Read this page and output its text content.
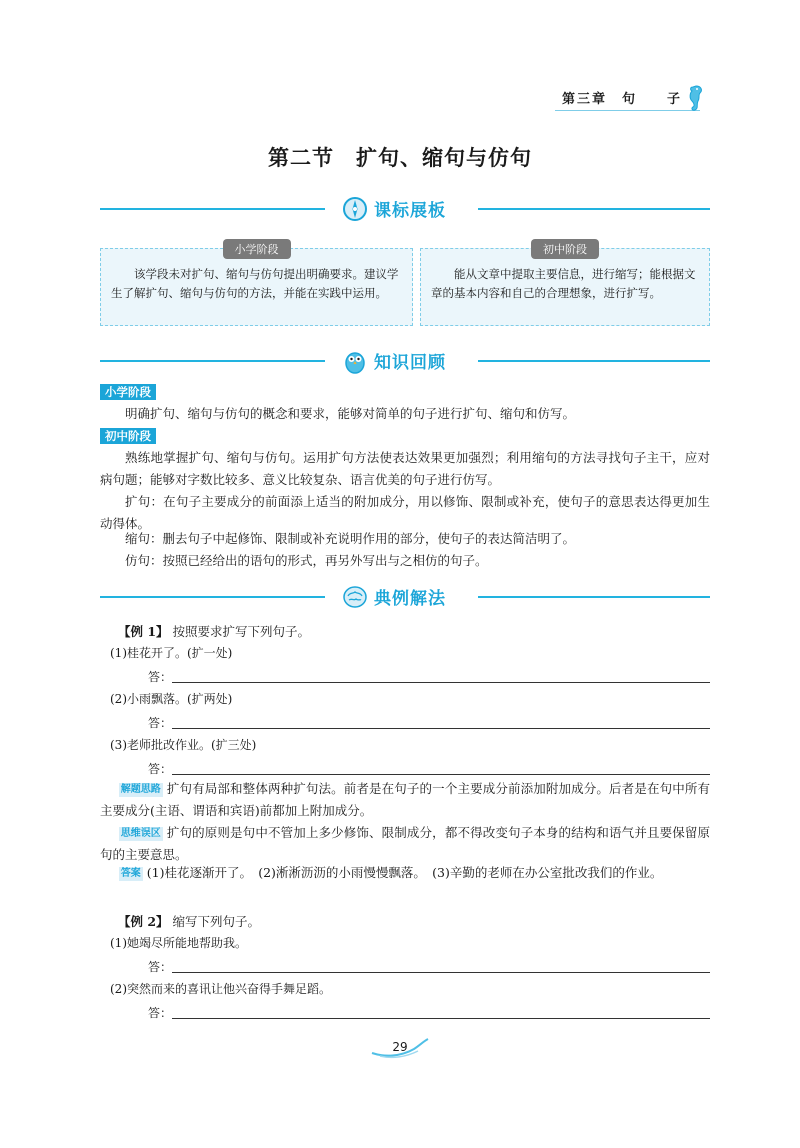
第三章　句　　子
第二节　扩句、缩句与仿句
课标展板
小学阶段
该学段未对扩句、缩句与仿句提出明确要求。建议学生了解扩句、缩句与仿句的方法，并能在实践中运用。
初中阶段
能从文章中提取主要信息，进行缩写；能根据文章的基本内容和自己的合理想象，进行扩写。
知识回顾
小学阶段
明确扩句、缩句与仿句的概念和要求，能够对简单的句子进行扩句、缩句和仿写。
初中阶段
熟练地掌握扩句、缩句与仿句。运用扩句方法使表达效果更加强烈；利用缩句的方法寻找句子主干，应对病句题；能够对字数比较多、意义比较复杂、语言优美的句子进行仿写。
扩句：在句子主要成分的前面添上适当的附加成分，用以修饰、限制或补充，使句子的意思表达得更加生动得体。
缩句：删去句子中起修饰、限制或补充说明作用的部分，使句子的表达简洁明了。
仿句：按照已经给出的语句的形式，再另外写出与之相仿的句子。
典例解法
【例 1】 按照要求扩写下列句子。
(1)桂花开了。(扩一处)
答：
(2)小雨飘落。(扩两处)
答：
(3)老师批改作业。(扩三处)
答：
解题思路 扩句有局部和整体两种扩句法。前者是在句子的一个主要成分前添加附加成分。后者是在句中所有主要成分(主语、谓语和宾语)前都加上附加成分。
思维误区 扩句的原则是句中不管加上多少修饰、限制成分，都不得改变句子本身的结构和语气并且要保留原句的主要意思。
答案 (1)桂花逐渐开了。　(2)淅淅沥沥的小雨慢慢飘落。　(3)辛勤的老师在办公室批改我们的作业。
【例 2】 缩写下列句子。
(1)她竭尽所能地帮助我。
答：
(2)突然而来的喜讯让他兴奋得手舞足蹈。
答：
29
